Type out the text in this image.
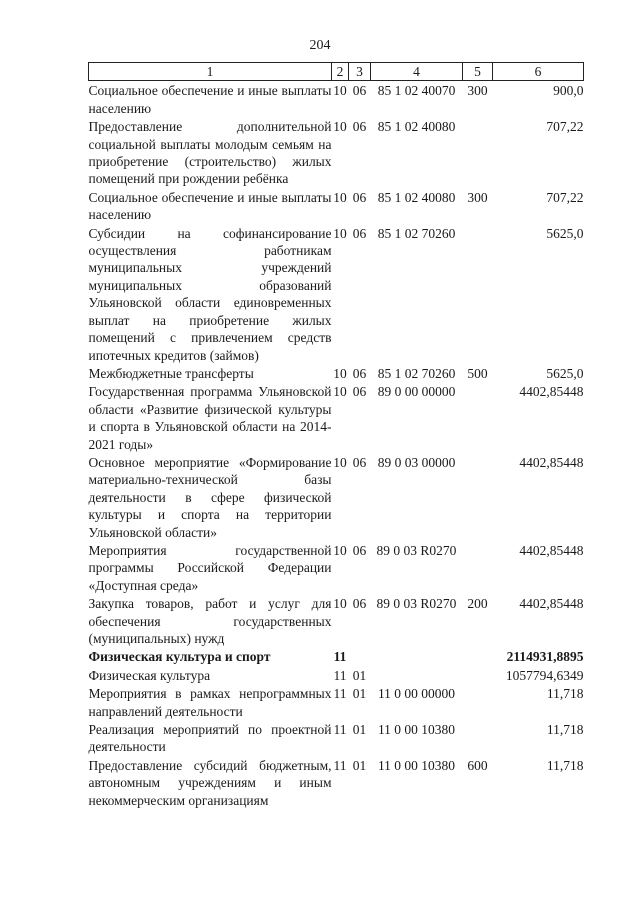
204
1	2	3	4	5	6
Социальное обеспечение и иные выплаты населению	10	06	85 1 02 40070	300	900,0
Предоставление дополнительной социальной выплаты молодым семьям на приобретение (строительство) жилых помещений при рождении ребёнка	10	06	85 1 02 40080		707,22
Социальное обеспечение и иные выплаты населению	10	06	85 1 02 40080	300	707,22
Субсидии на софинансирование осуществления работникам муниципальных учреждений муниципальных образований Ульяновской области единовременных выплат на приобретение жилых помещений с привлечением средств ипотечных кредитов (займов)	10	06	85 1 02 70260		5625,0
Межбюджетные трансферты	10	06	85 1 02 70260	500	5625,0
Государственная программа Ульяновской области «Развитие физической культуры и спорта в Ульяновской области на 2014-2021 годы»	10	06	89 0 00 00000		4402,85448
Основное мероприятие «Формирование материально-технической базы деятельности в сфере физической культуры и спорта на территории Ульяновской области»	10	06	89 0 03 00000		4402,85448
Мероприятия государственной программы Российской Федерации «Доступная среда»	10	06	89 0 03 R0270		4402,85448
Закупка товаров, работ и услуг для обеспечения государственных (муниципальных) нужд	10	06	89 0 03 R0270	200	4402,85448
Физическая культура и спорт	11				2114931,8895
Физическая культура	11	01			1057794,6349
Мероприятия в рамках непрограммных направлений деятельности	11	01	11 0 00 00000		11,718
Реализация мероприятий по проектной деятельности	11	01	11 0 00 10380		11,718
Предоставление субсидий бюджетным, автономным учреждениям и иным некоммерческим организациям	11	01	11 0 00 10380	600	11,718
